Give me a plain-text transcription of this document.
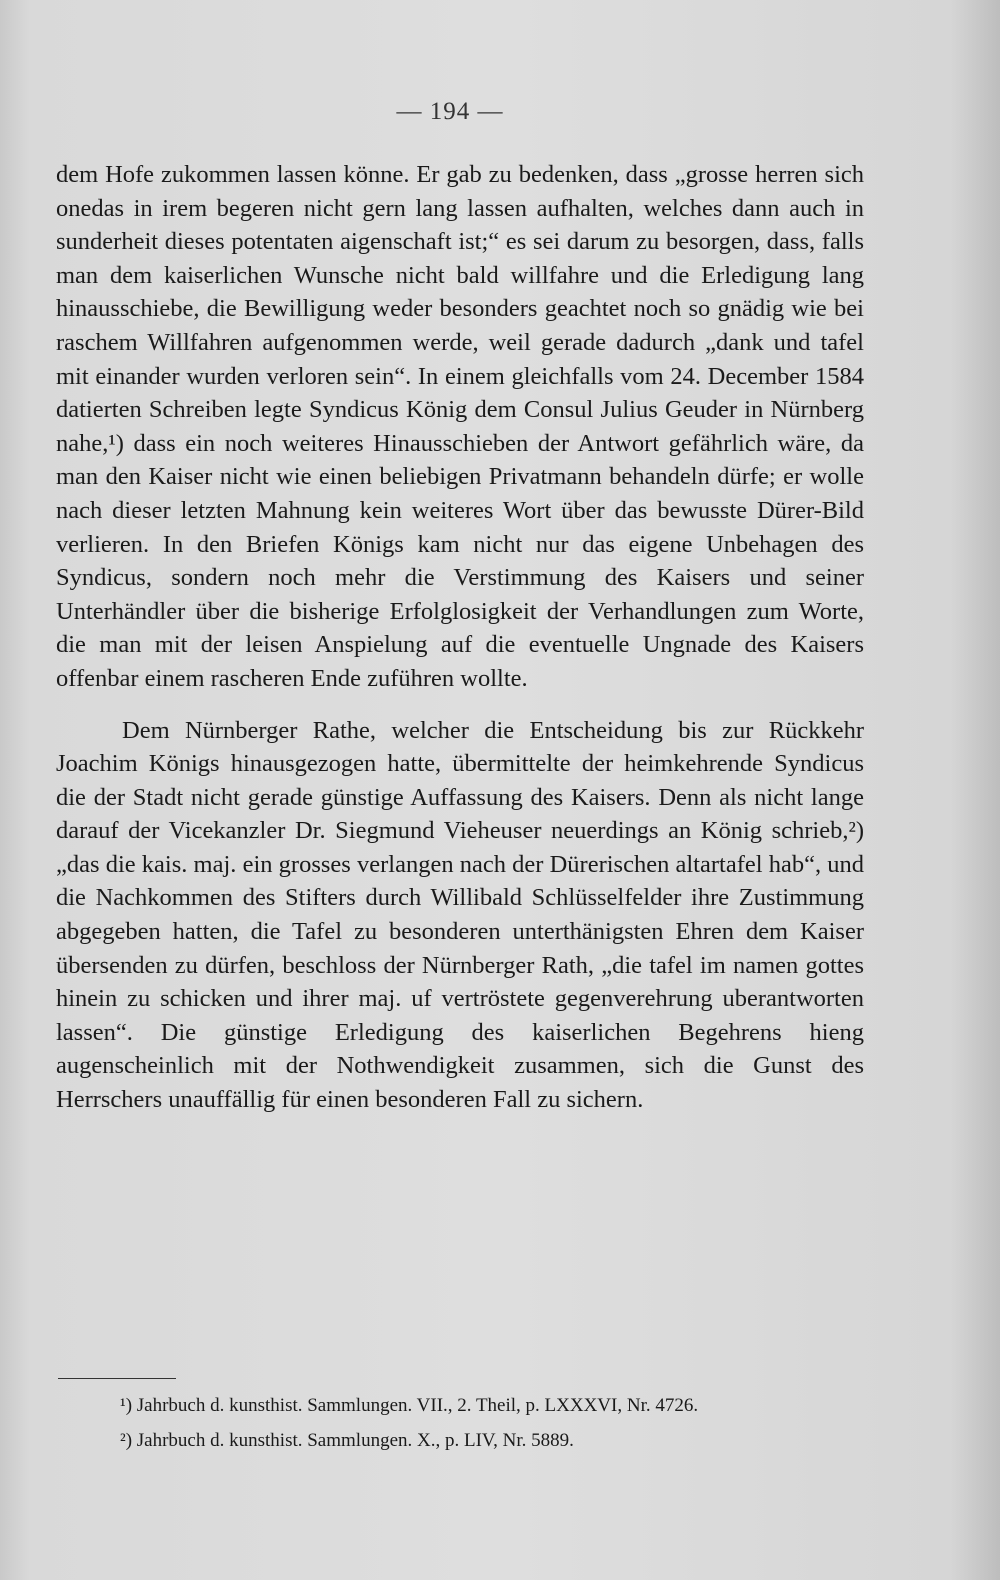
— 194 —

dem Hofe zukommen lassen könne. Er gab zu bedenken, dass „grosse herren sich onedas in irem begeren nicht gern lang lassen aufhalten, welches dann auch in sunderheit dieses potentaten aigenschaft ist;“ es sei darum zu besorgen, dass, falls man dem kaiserlichen Wunsche nicht bald willfahre und die Erledigung lang hinausschiebe, die Bewilligung weder besonders geachtet noch so gnädig wie bei raschem Willfahren aufgenommen werde, weil gerade dadurch „dank und tafel mit einander wurden verloren sein“. In einem gleichfalls vom 24. December 1584 datierten Schreiben legte Syndicus König dem Consul Julius Geuder in Nürnberg nahe,¹) dass ein noch weiteres Hinausschieben der Antwort gefährlich wäre, da man den Kaiser nicht wie einen beliebigen Privatmann behandeln dürfe; er wolle nach dieser letzten Mahnung kein weiteres Wort über das bewusste Dürer-Bild verlieren. In den Briefen Königs kam nicht nur das eigene Unbehagen des Syndicus, sondern noch mehr die Verstimmung des Kaisers und seiner Unterhändler über die bisherige Erfolglosigkeit der Verhandlungen zum Worte, die man mit der leisen Anspielung auf die eventuelle Ungnade des Kaisers offenbar einem rascheren Ende zuführen wollte.

Dem Nürnberger Rathe, welcher die Entscheidung bis zur Rückkehr Joachim Königs hinausgezogen hatte, übermittelte der heimkehrende Syndicus die der Stadt nicht gerade günstige Auffassung des Kaisers. Denn als nicht lange darauf der Vicekanzler Dr. Siegmund Vieheuser neuerdings an König schrieb,²) „das die kais. maj. ein grosses verlangen nach der Dürerischen altartafel hab“, und die Nachkommen des Stifters durch Willibald Schlüsselfelder ihre Zustimmung abgegeben hatten, die Tafel zu besonderen unterthänigsten Ehren dem Kaiser übersenden zu dürfen, beschloss der Nürnberger Rath, „die tafel im namen gottes hinein zu schicken und ihrer maj. uf vertröstete gegenverehrung uberantworten lassen“. Die günstige Erledigung des kaiserlichen Begehrens hieng augenscheinlich mit der Nothwendigkeit zusammen, sich die Gunst des Herrschers unauffällig für einen besonderen Fall zu sichern.

¹) Jahrbuch d. kunsthist. Sammlungen. VII., 2. Theil, p. LXXXVI, Nr. 4726.

²) Jahrbuch d. kunsthist. Sammlungen. X., p. LIV, Nr. 5889.
